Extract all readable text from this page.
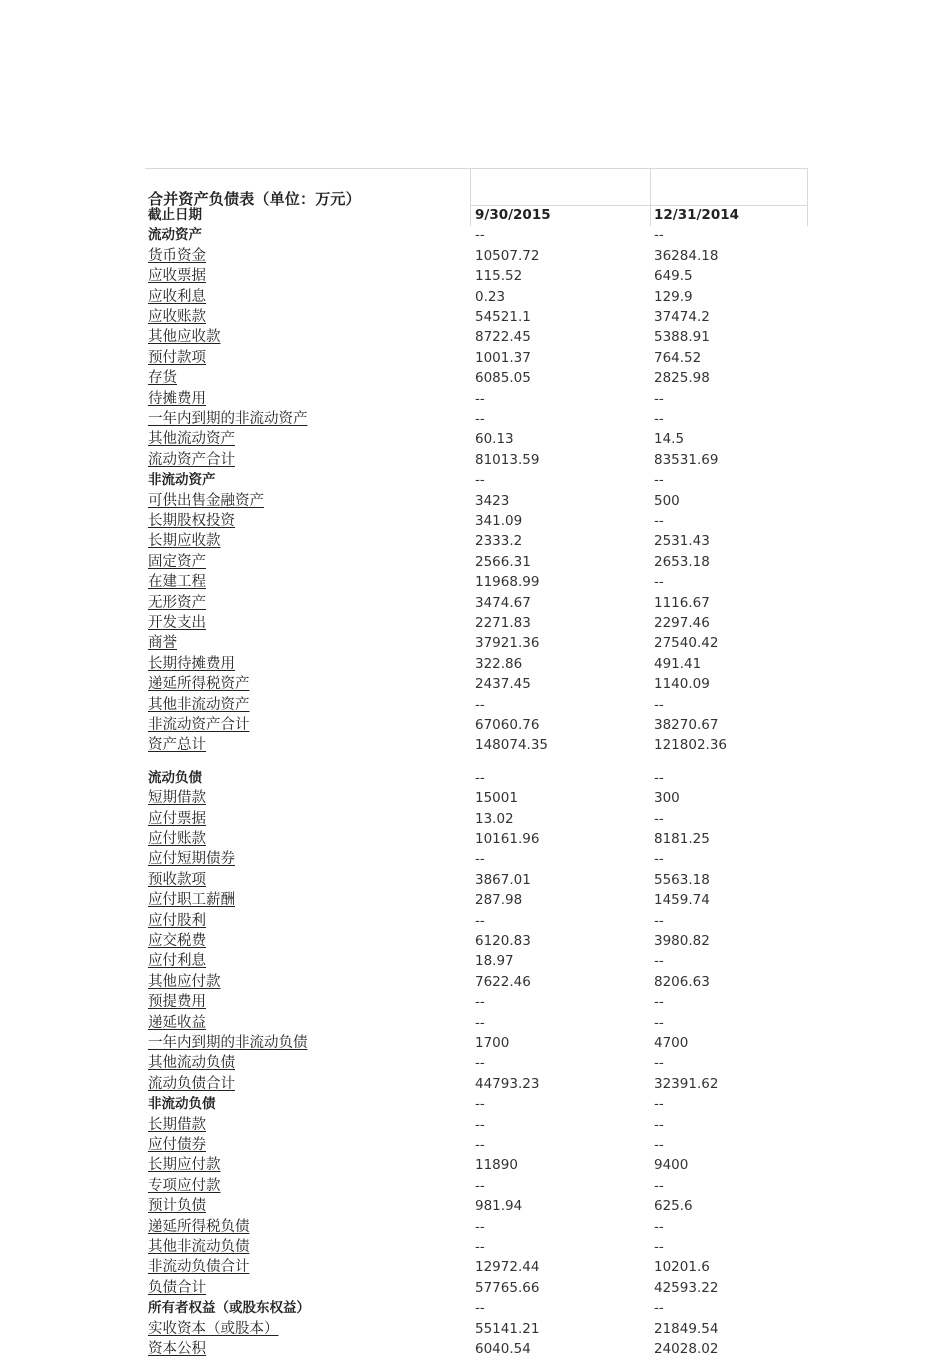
合并资产负债表（单位：万元）
截止日期	9/30/2015	12/31/2014
流动资产	--	--
货币资金	10507.72	36284.18
应收票据	115.52	649.5
应收利息	0.23	129.9
应收账款	54521.1	37474.2
其他应收款	8722.45	5388.91
预付款项	1001.37	764.52
存货	6085.05	2825.98
待摊费用	--	--
一年内到期的非流动资产	--	--
其他流动资产	60.13	14.5
流动资产合计	81013.59	83531.69
非流动资产	--	--
可供出售金融资产	3423	500
长期股权投资	341.09	--
长期应收款	2333.2	2531.43
固定资产	2566.31	2653.18
在建工程	11968.99	--
无形资产	3474.67	1116.67
开发支出	2271.83	2297.46
商誉	37921.36	27540.42
长期待摊费用	322.86	491.41
递延所得税资产	2437.45	1140.09
其他非流动资产	--	--
非流动资产合计	67060.76	38270.67
资产总计	148074.35	121802.36
流动负债	--	--
短期借款	15001	300
应付票据	13.02	--
应付账款	10161.96	8181.25
应付短期债券	--	--
预收款项	3867.01	5563.18
应付职工薪酬	287.98	1459.74
应付股利	--	--
应交税费	6120.83	3980.82
应付利息	18.97	--
其他应付款	7622.46	8206.63
预提费用	--	--
递延收益	--	--
一年内到期的非流动负债	1700	4700
其他流动负债	--	--
流动负债合计	44793.23	32391.62
非流动负债	--	--
长期借款	--	--
应付债券	--	--
长期应付款	11890	9400
专项应付款	--	--
预计负债	981.94	625.6
递延所得税负债	--	--
其他非流动负债	--	--
非流动负债合计	12972.44	10201.6
负债合计	57765.66	42593.22
所有者权益（或股东权益）	--	--
实收资本（或股本）	55141.21	21849.54
资本公积	6040.54	24028.02
